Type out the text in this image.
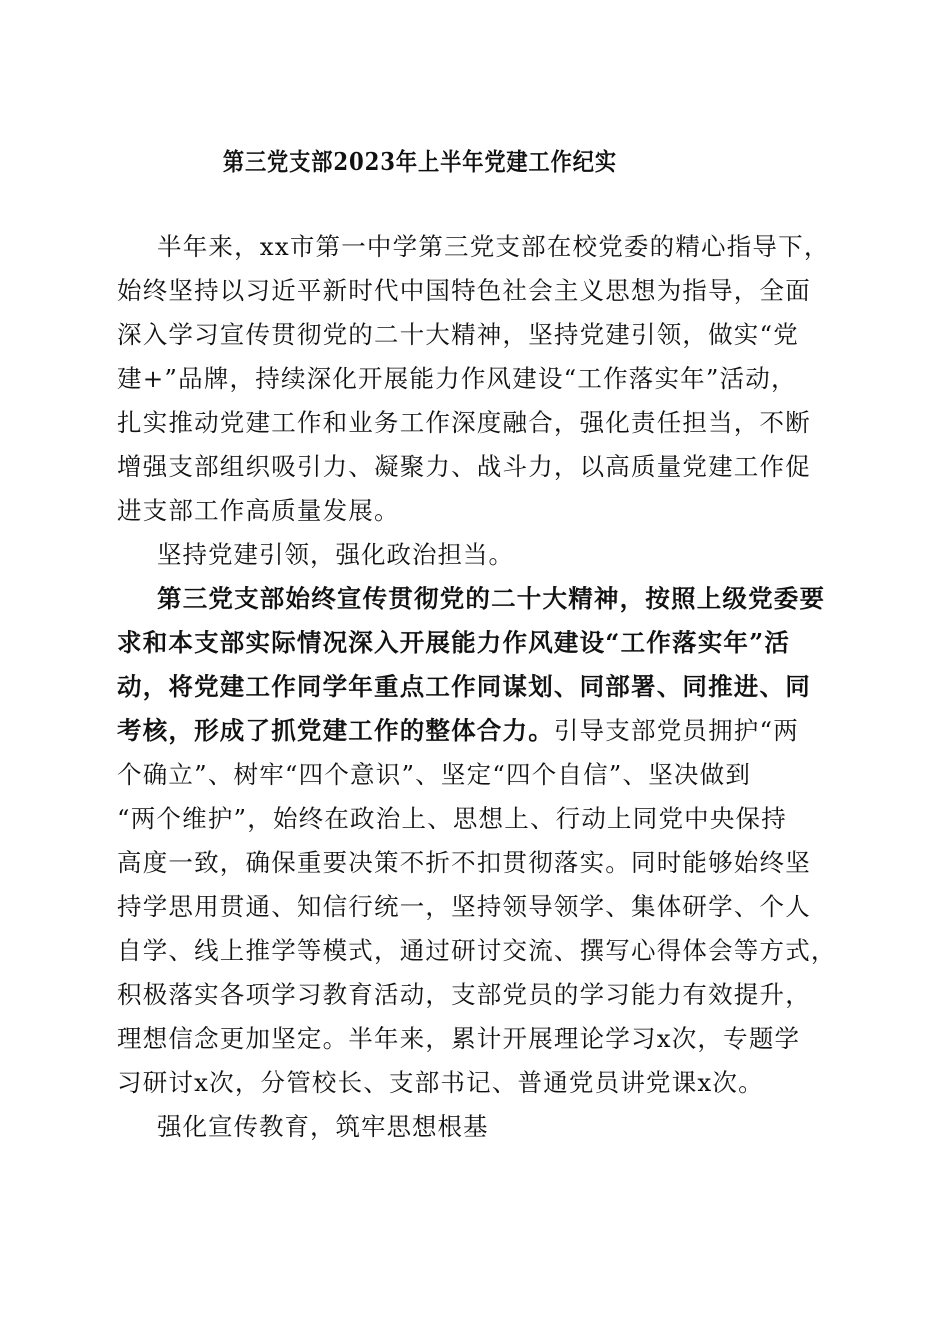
第三党支部2023年上半年党建工作纪实
半年来，xx市第一中学第三党支部在校党委的精心指导下，
始终坚持以习近平新时代中国特色社会主义思想为指导，全面
深入学习宣传贯彻党的二十大精神，坚持党建引领，做实“党
建+”品牌，持续深化开展能力作风建设“工作落实年”活动，
扎实推动党建工作和业务工作深度融合，强化责任担当，不断
增强支部组织吸引力、凝聚力、战斗力，以高质量党建工作促
进支部工作高质量发展。
坚持党建引领，强化政治担当。
第三党支部始终宣传贯彻党的二十大精神，按照上级党委要
求和本支部实际情况深入开展能力作风建设“工作落实年”活
动，将党建工作同学年重点工作同谋划、同部署、同推进、同
考核，形成了抓党建工作的整体合力。引导支部党员拥护“两
个确立”、树牢“四个意识”、坚定“四个自信”、坚决做到
“两个维护”，始终在政治上、思想上、行动上同党中央保持
高度一致，确保重要决策不折不扣贯彻落实。同时能够始终坚
持学思用贯通、知信行统一，坚持领导领学、集体研学、个人
自学、线上推学等模式，通过研讨交流、撰写心得体会等方式，
积极落实各项学习教育活动，支部党员的学习能力有效提升，
理想信念更加坚定。半年来，累计开展理论学习x次，专题学
习研讨x次，分管校长、支部书记、普通党员讲党课x次。
强化宣传教育，筑牢思想根基
